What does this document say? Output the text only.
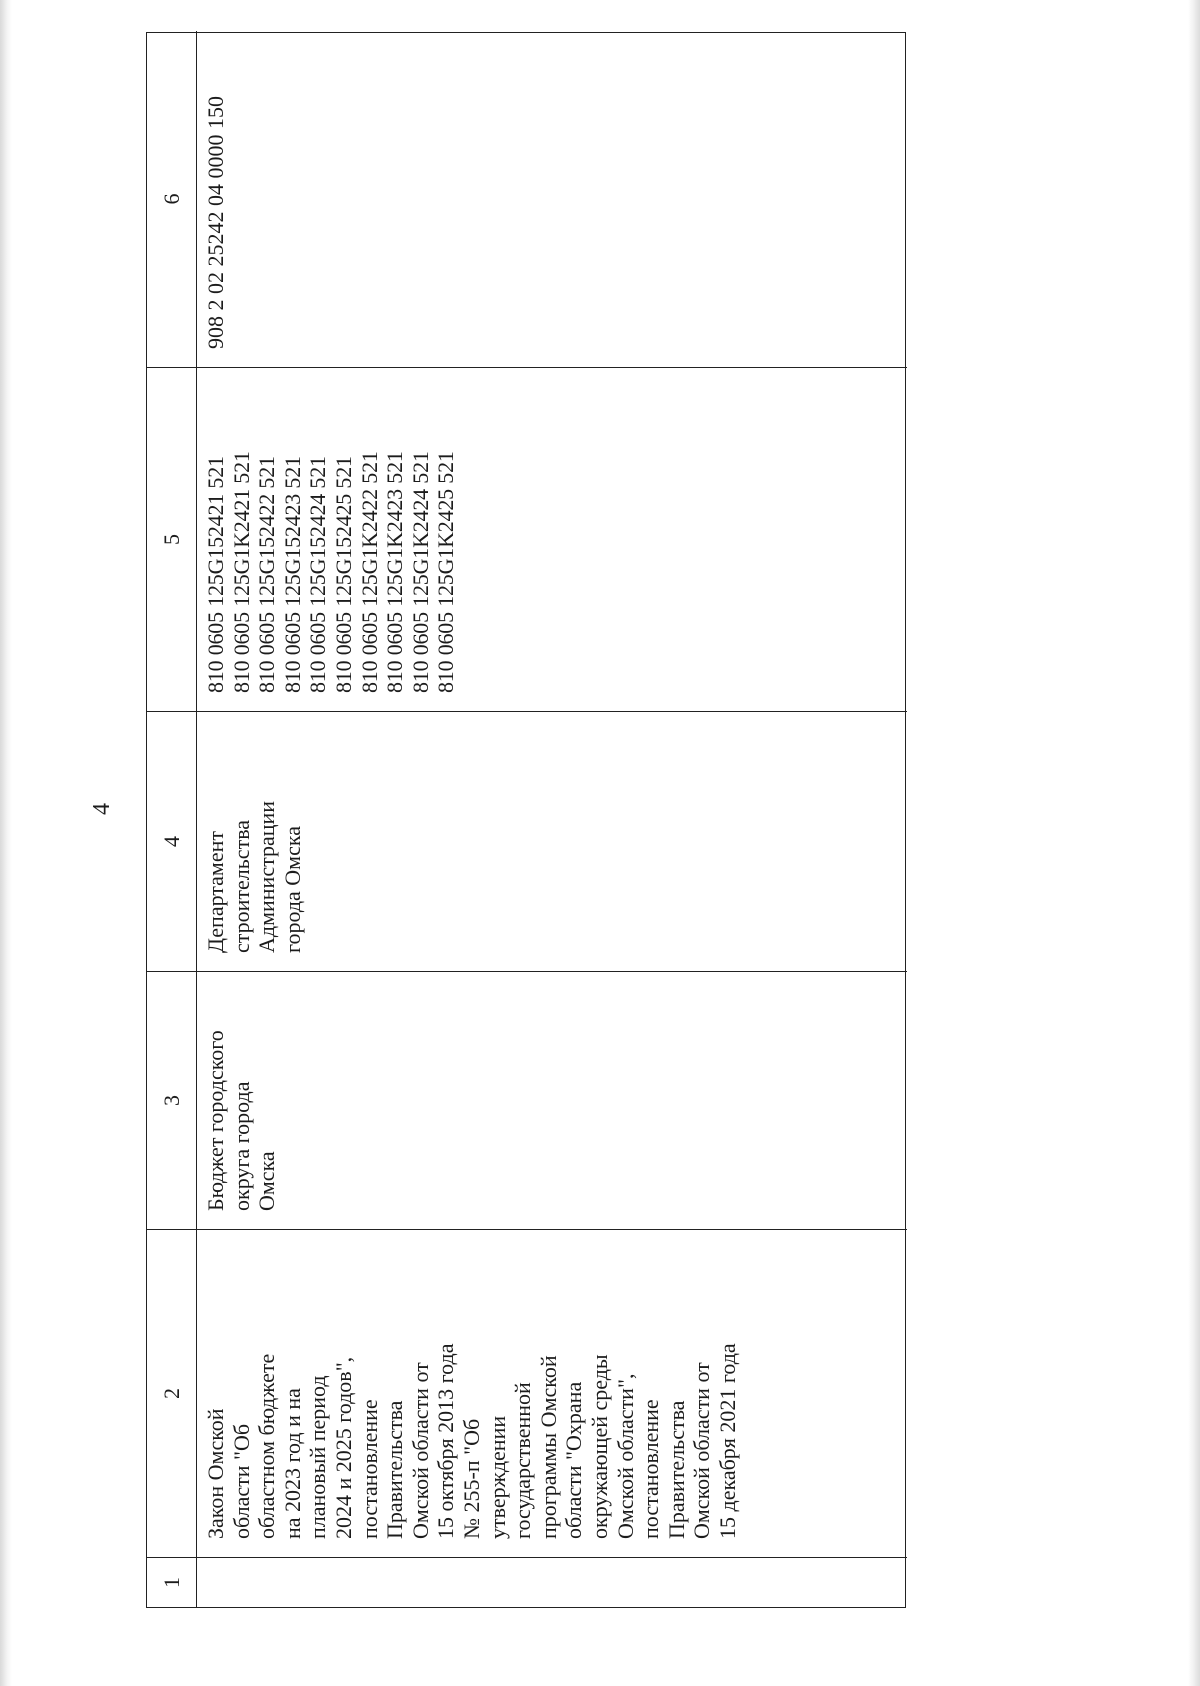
4
1
2
3
4
5
6
Закон Омской
области "Об
областном бюджете
на 2023 год и на
плановый период
2024 и 2025 годов",
постановление
Правительства
Омской области от
15 октября 2013 года
№ 255-п "Об
утверждении
государственной
программы Омской
области "Охрана
окружающей среды
Омской области",
постановление
Правительства
Омской области от
15 декабря 2021 года
Бюджет городского
округа города
Омска
Департамент
строительства
Администрации
города Омска
810 0605 125G152421 521
810 0605 125G1K2421 521
810 0605 125G152422 521
810 0605 125G152423 521
810 0605 125G152424 521
810 0605 125G152425 521
810 0605 125G1K2422 521
810 0605 125G1K2423 521
810 0605 125G1K2424 521
810 0605 125G1K2425 521
908 2 02 25242 04 0000 150
